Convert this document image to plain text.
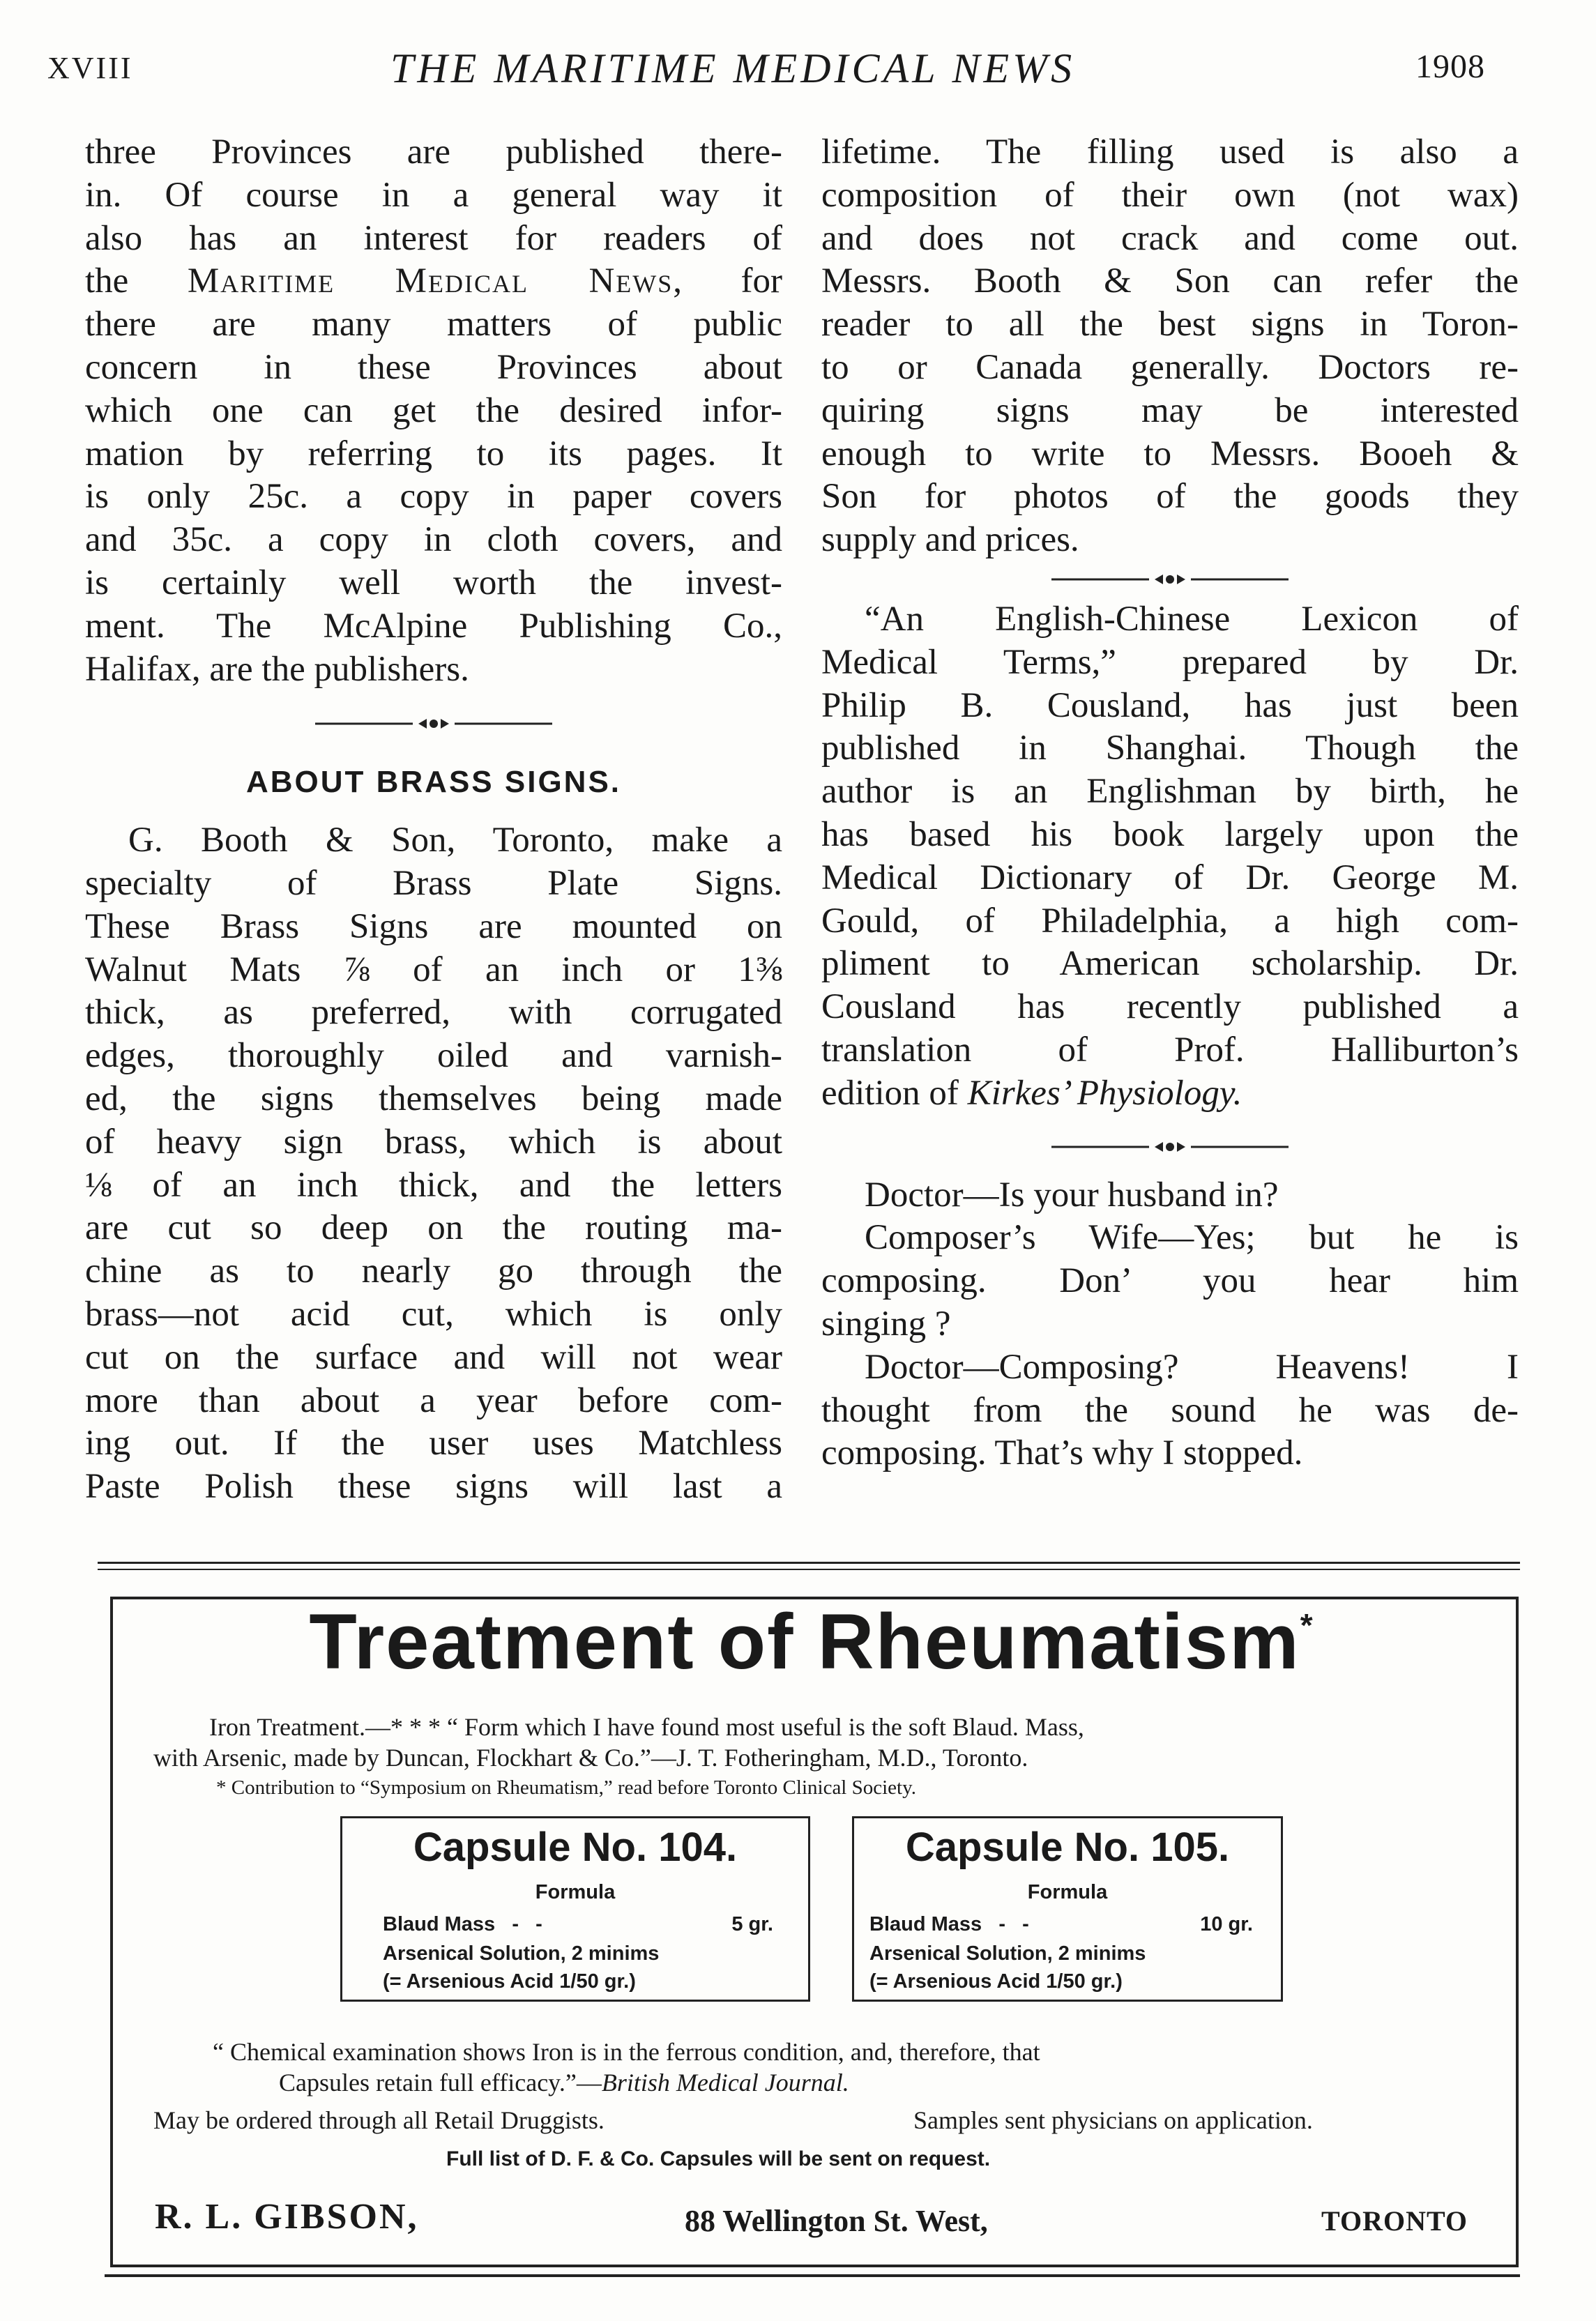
XVIII	THE MARITIME MEDICAL NEWS	1908

three Provinces are published there-

in. Of course in a general way it

also has an interest for readers of

the Maritime Medical News, for

there are many matters of public

concern in these Provinces about

which one can get the desired infor-

mation by referring to its pages. It

is only 25c. a copy in paper covers

and 35c. a copy in cloth covers, and

is certainly well worth the invest-

ment. The McAlpine Publishing Co.,

Halifax, are the publishers.

ABOUT BRASS SIGNS.

G. Booth & Son, Toronto, make a

specialty of Brass Plate Signs.

These Brass Signs are mounted on

Walnut Mats ⅞ of an inch or 1⅜

thick, as preferred, with corrugated

edges, thoroughly oiled and varnish-

ed, the signs themselves being made

of heavy sign brass, which is about

⅛ of an inch thick, and the letters

are cut so deep on the routing ma-

chine as to nearly go through the

brass—not acid cut, which is only

cut on the surface and will not wear

more than about a year before com-

ing out. If the user uses Matchless

Paste Polish these signs will last a

lifetime. The filling used is also a

composition of their own (not wax)

and does not crack and come out.

Messrs. Booth & Son can refer the

reader to all the best signs in Toron-

to or Canada generally. Doctors re-

quiring signs may be interested

enough to write to Messrs. Booeh &

Son for photos of the goods they

supply and prices.

“An English-Chinese Lexicon of

Medical Terms,” prepared by Dr.

Philip B. Cousland, has just been

published in Shanghai. Though the

author is an Englishman by birth, he

has based his book largely upon the

Medical Dictionary of Dr. George M.

Gould, of Philadelphia, a high com-

pliment to American scholarship. Dr.

Cousland has recently published a

translation of Prof. Halliburton’s

edition of Kirkes’ Physiology.

Doctor—Is your husband in?

Composer’s Wife—Yes; but he is

composing. Don’ you hear him

singing ?

Doctor—Composing? Heavens! I

thought from the sound he was de-

composing. That’s why I stopped.

Treatment of Rheumatism*
Iron Treatment.—* * * “ Form which I have found most useful is the soft Blaud. Mass,
with Arsenic, made by Duncan, Flockhart & Co.”—J. T. Fotheringham, M.D., Toronto.
* Contribution to “Symposium on Rheumatism,” read before Toronto Clinical Society.
Capsule No. 104.
Formula
Blaud Mass   -   -	5 gr.
Arsenical Solution, 2 minims
(= Arsenious Acid 1/50 gr.)
Capsule No. 105.
Formula
Blaud Mass   -   -	10 gr.
Arsenical Solution, 2 minims
(= Arsenious Acid 1/50 gr.)
“ Chemical examination shows Iron is in the ferrous condition, and, therefore, that
Capsules retain full efficacy.”—British Medical Journal.
May be ordered through all Retail Druggists.	Samples sent physicians on application.
Full list of D. F. & Co. Capsules will be sent on request.
R. L. GIBSON,	88 Wellington St. West,	TORONTO
